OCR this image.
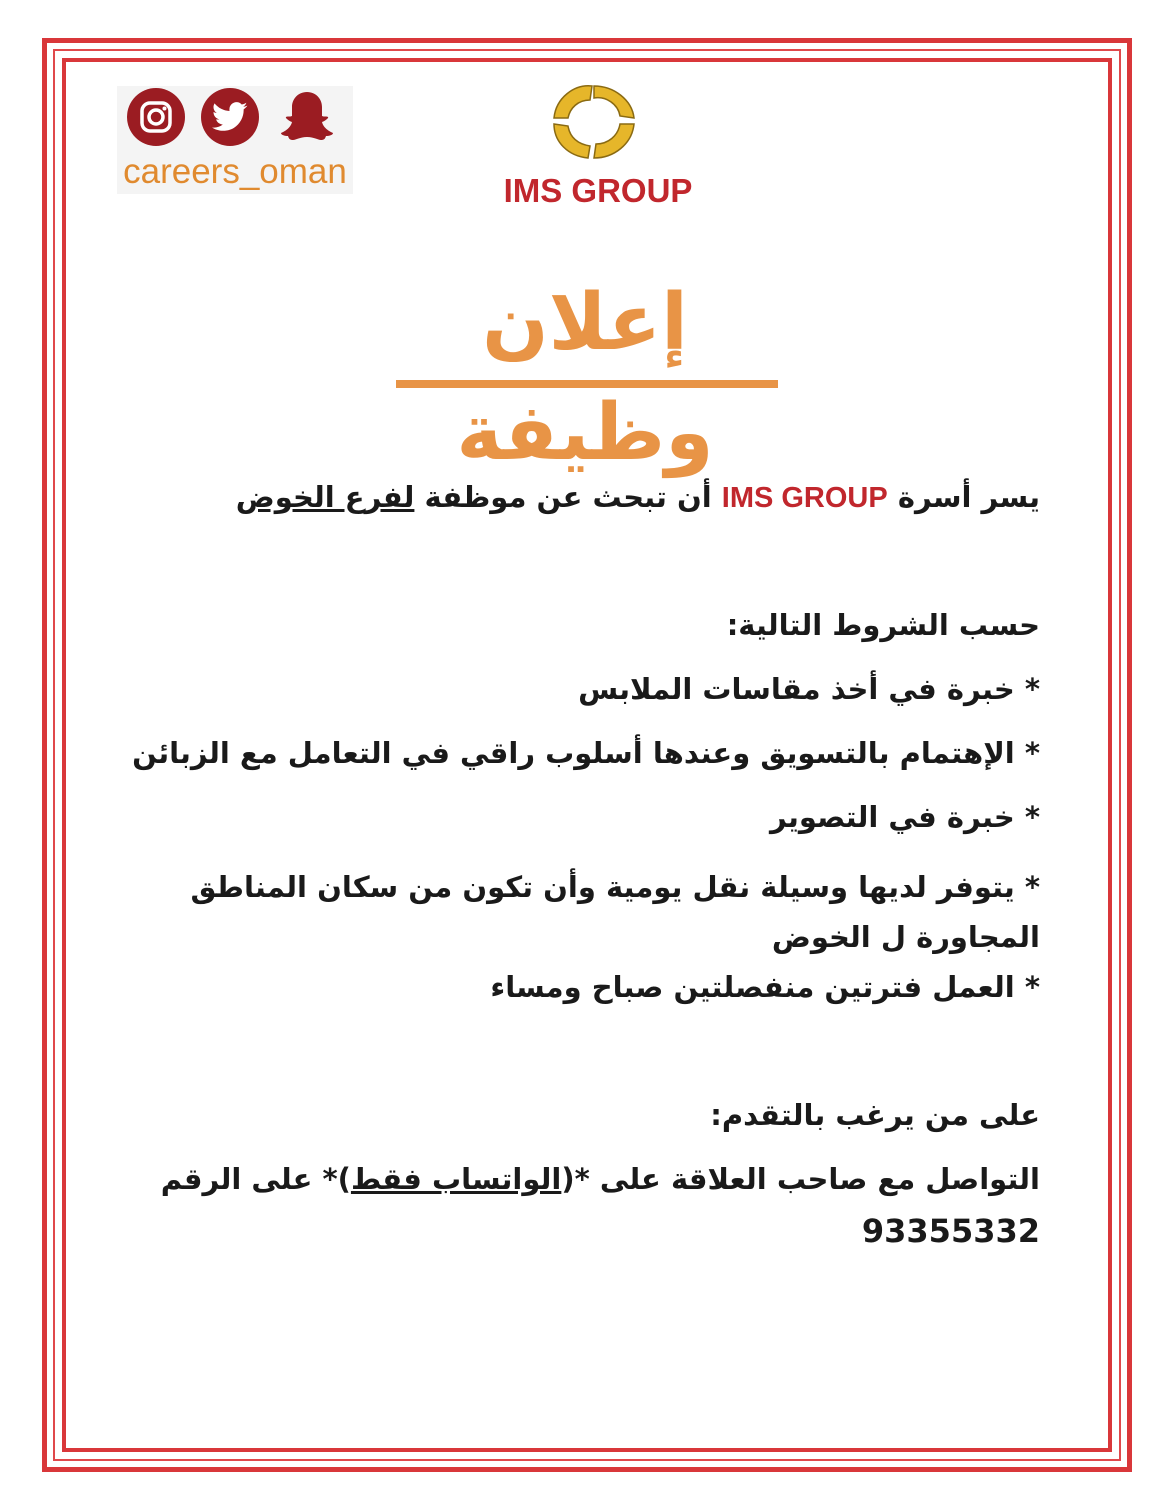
careers_oman	IMS GROUP
إعلان وظيفة
يسر أسرة IMS GROUP أن تبحث عن موظفة لفرع الخوض
حسب الشروط التالية:
* خبرة في أخذ مقاسات الملابس
* الإهتمام بالتسويق وعندها أسلوب راقي في التعامل مع الزبائن
* خبرة في التصوير
* يتوفر لديها وسيلة نقل يومية وأن تكون من سكان المناطق المجاورة ل الخوض
* العمل فترتين منفصلتين صباح ومساء
على من يرغب بالتقدم:
التواصل مع صاحب العلاقة على *(الواتساب فقط)* على الرقم
93355332
